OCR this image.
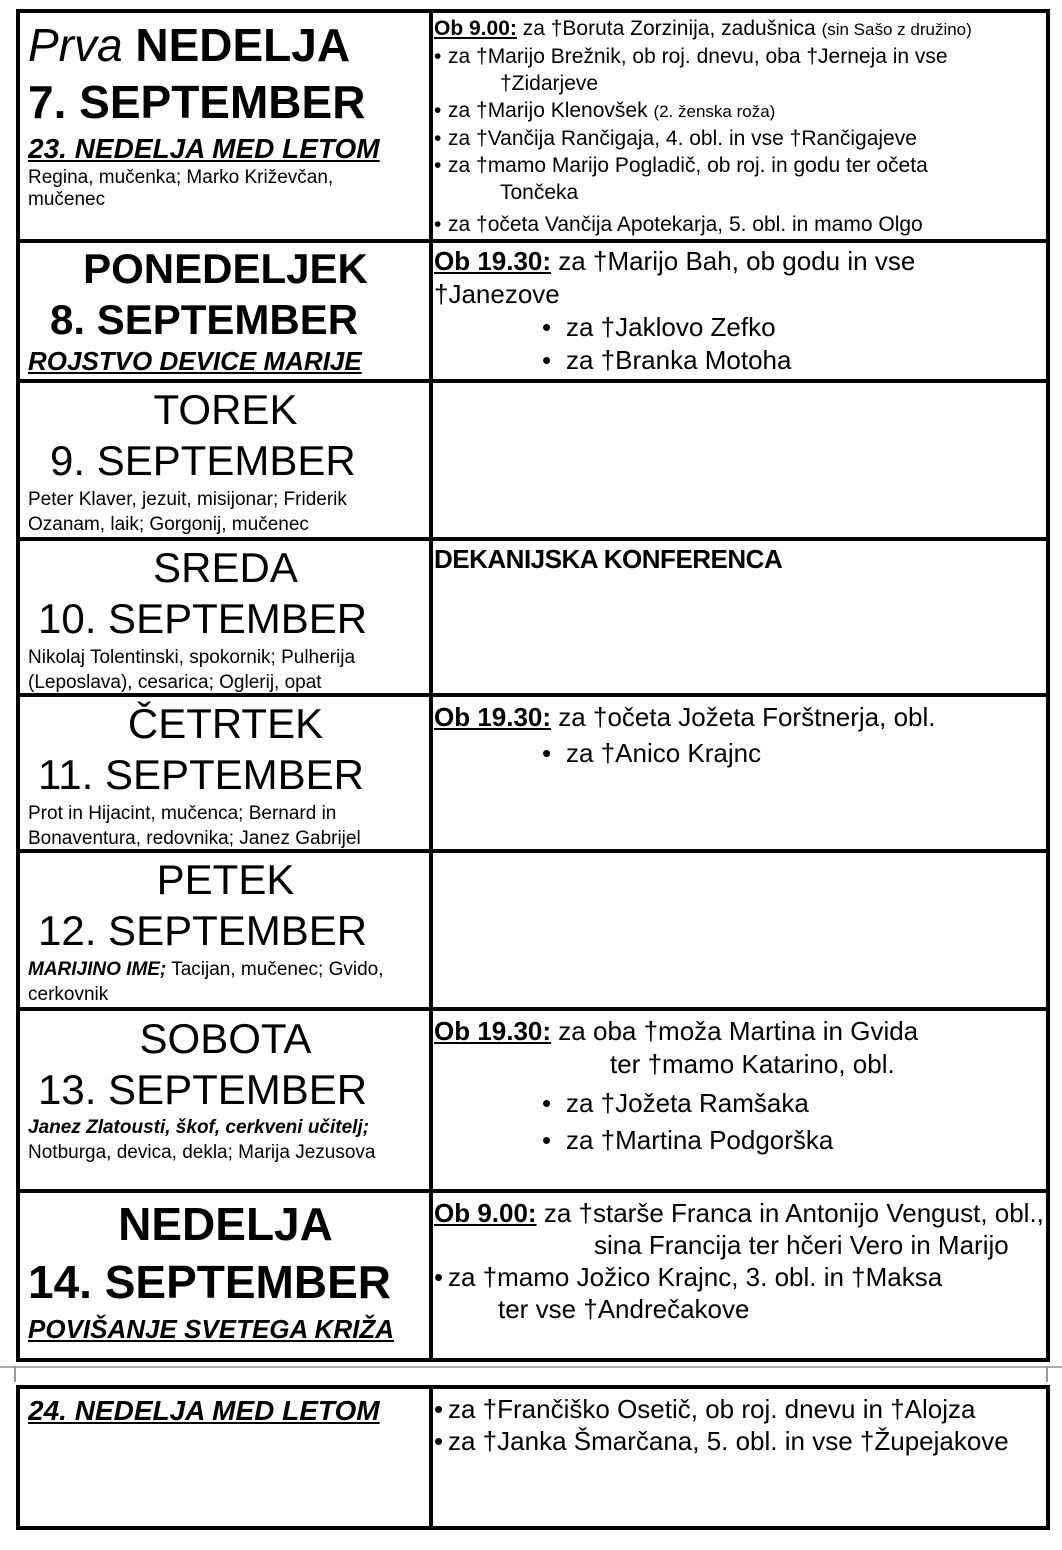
Prva NEDELJA
7. SEPTEMBER
23. NEDELJA MED LETOM
Regina, mučenka; Marko Križevčan, mučenec
Ob 9.00: za †Boruta Zorzinija, zadušnica (sin Sašo z družino)
• za †Marijo Brežnik, ob roj. dnevu, oba †Jerneja in vse
†Zidarjeve
• za †Marijo Klenovšek (2. ženska roža)
• za †Vančija Rančigaja, 4. obl. in vse †Rančigajeve
• za †mamo Marijo Pogladič, ob roj. in godu ter očeta
Tončeka
• za †očeta Vančija Apotekarja, 5. obl. in mamo Olgo
PONEDELJEK
8. SEPTEMBER
ROJSTVO DEVICE MARIJE
Ob 19.30: za †Marijo Bah, ob godu in vse
†Janezove
• za †Jaklovo Zefko
• za †Branka Motoha
TOREK
9. SEPTEMBER
Peter Klaver, jezuit, misijonar; Friderik Ozanam, laik; Gorgonij, mučenec
SREDA
10. SEPTEMBER
Nikolaj Tolentinski, spokornik; Pulherija (Leposlava), cesarica; Oglerij, opat
DEKANIJSKA KONFERENCA
ČETRTEK
11. SEPTEMBER
Prot in Hijacint, mučenca; Bernard in Bonaventura, redovnika; Janez Gabrijel
Ob 19.30: za †očeta Jožeta Forštnerja, obl.
• za †Anico Krajnc
PETEK
12. SEPTEMBER
MARIJINO IME; Tacijan, mučenec; Gvido, cerkovnik
SOBOTA
13. SEPTEMBER
Janez Zlatousti, škof, cerkveni učitelj; Notburga, devica, dekla; Marija Jezusova
Ob 19.30: za oba †moža Martina in Gvida
ter †mamo Katarino, obl.
• za †Jožeta Ramšaka
• za †Martina Podgorška
NEDELJA
14. SEPTEMBER
POVIŠANJE SVETEGA KRIŽA
Ob 9.00: za †starše Franca in Antonijo Vengust, obl.,
sina Francija ter hčeri Vero in Marijo
• za †mamo Jožico Krajnc, 3. obl. in †Maksa
ter vse †Andrečakove
24. NEDELJA MED LETOM	• za †Frančiško Osetič, ob roj. dnevu in †Alojza
• za †Janka Šmarčana, 5. obl. in vse †Župejakove
